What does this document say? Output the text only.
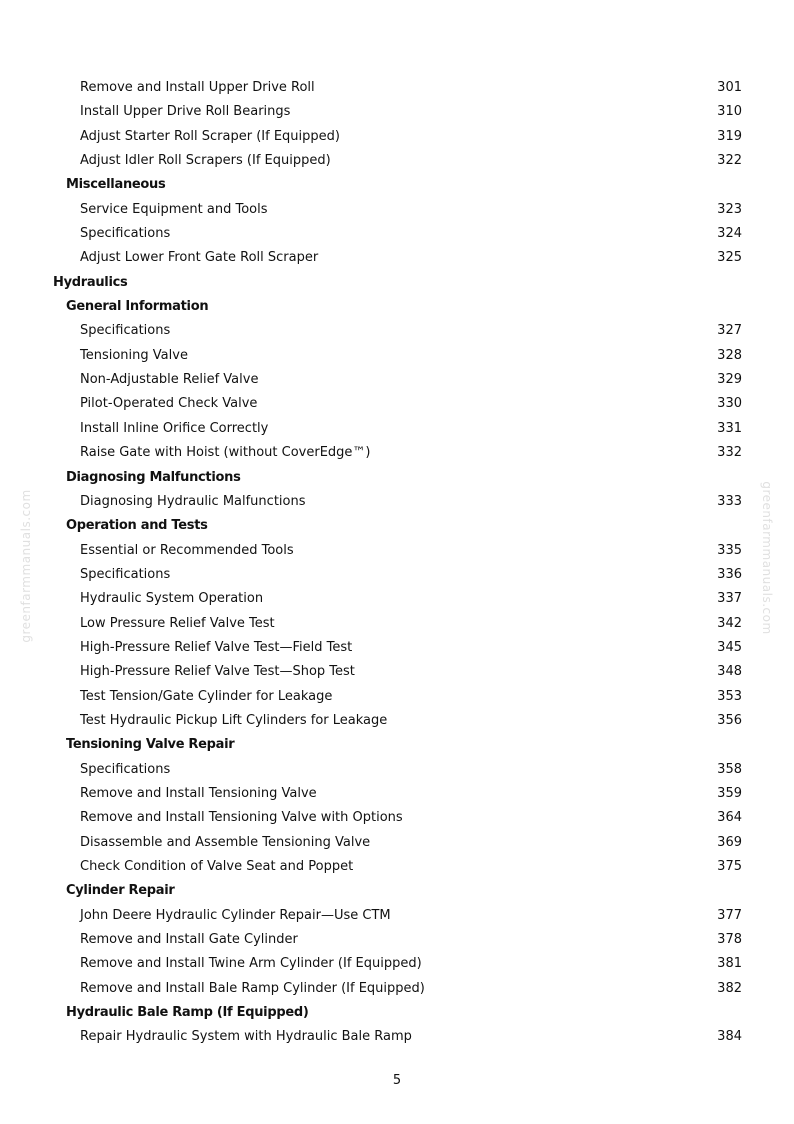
greenfarmmanuals.com	greenfarmmanuals.com
Remove and Install Upper Drive Roll	301
Install Upper Drive Roll Bearings	310
Adjust Starter Roll Scraper (If Equipped)	319
Adjust Idler Roll Scrapers (If Equipped)	322
Miscellaneous
Service Equipment and Tools	323
Specifications	324
Adjust Lower Front Gate Roll Scraper	325
Hydraulics
General Information
Specifications	327
Tensioning Valve	328
Non-Adjustable Relief Valve	329
Pilot-Operated Check Valve	330
Install Inline Orifice Correctly	331
Raise Gate with Hoist (without CoverEdge™)	332
Diagnosing Malfunctions
Diagnosing Hydraulic Malfunctions	333
Operation and Tests
Essential or Recommended Tools	335
Specifications	336
Hydraulic System Operation	337
Low Pressure Relief Valve Test	342
High-Pressure Relief Valve Test—Field Test	345
High-Pressure Relief Valve Test—Shop Test	348
Test Tension/Gate Cylinder for Leakage	353
Test Hydraulic Pickup Lift Cylinders for Leakage	356
Tensioning Valve Repair
Specifications	358
Remove and Install Tensioning Valve	359
Remove and Install Tensioning Valve with Options	364
Disassemble and Assemble Tensioning Valve	369
Check Condition of Valve Seat and Poppet	375
Cylinder Repair
John Deere Hydraulic Cylinder Repair—Use CTM	377
Remove and Install Gate Cylinder	378
Remove and Install Twine Arm Cylinder (If Equipped)	381
Remove and Install Bale Ramp Cylinder (If Equipped)	382
Hydraulic Bale Ramp (If Equipped)
Repair Hydraulic System with Hydraulic Bale Ramp	384
5
